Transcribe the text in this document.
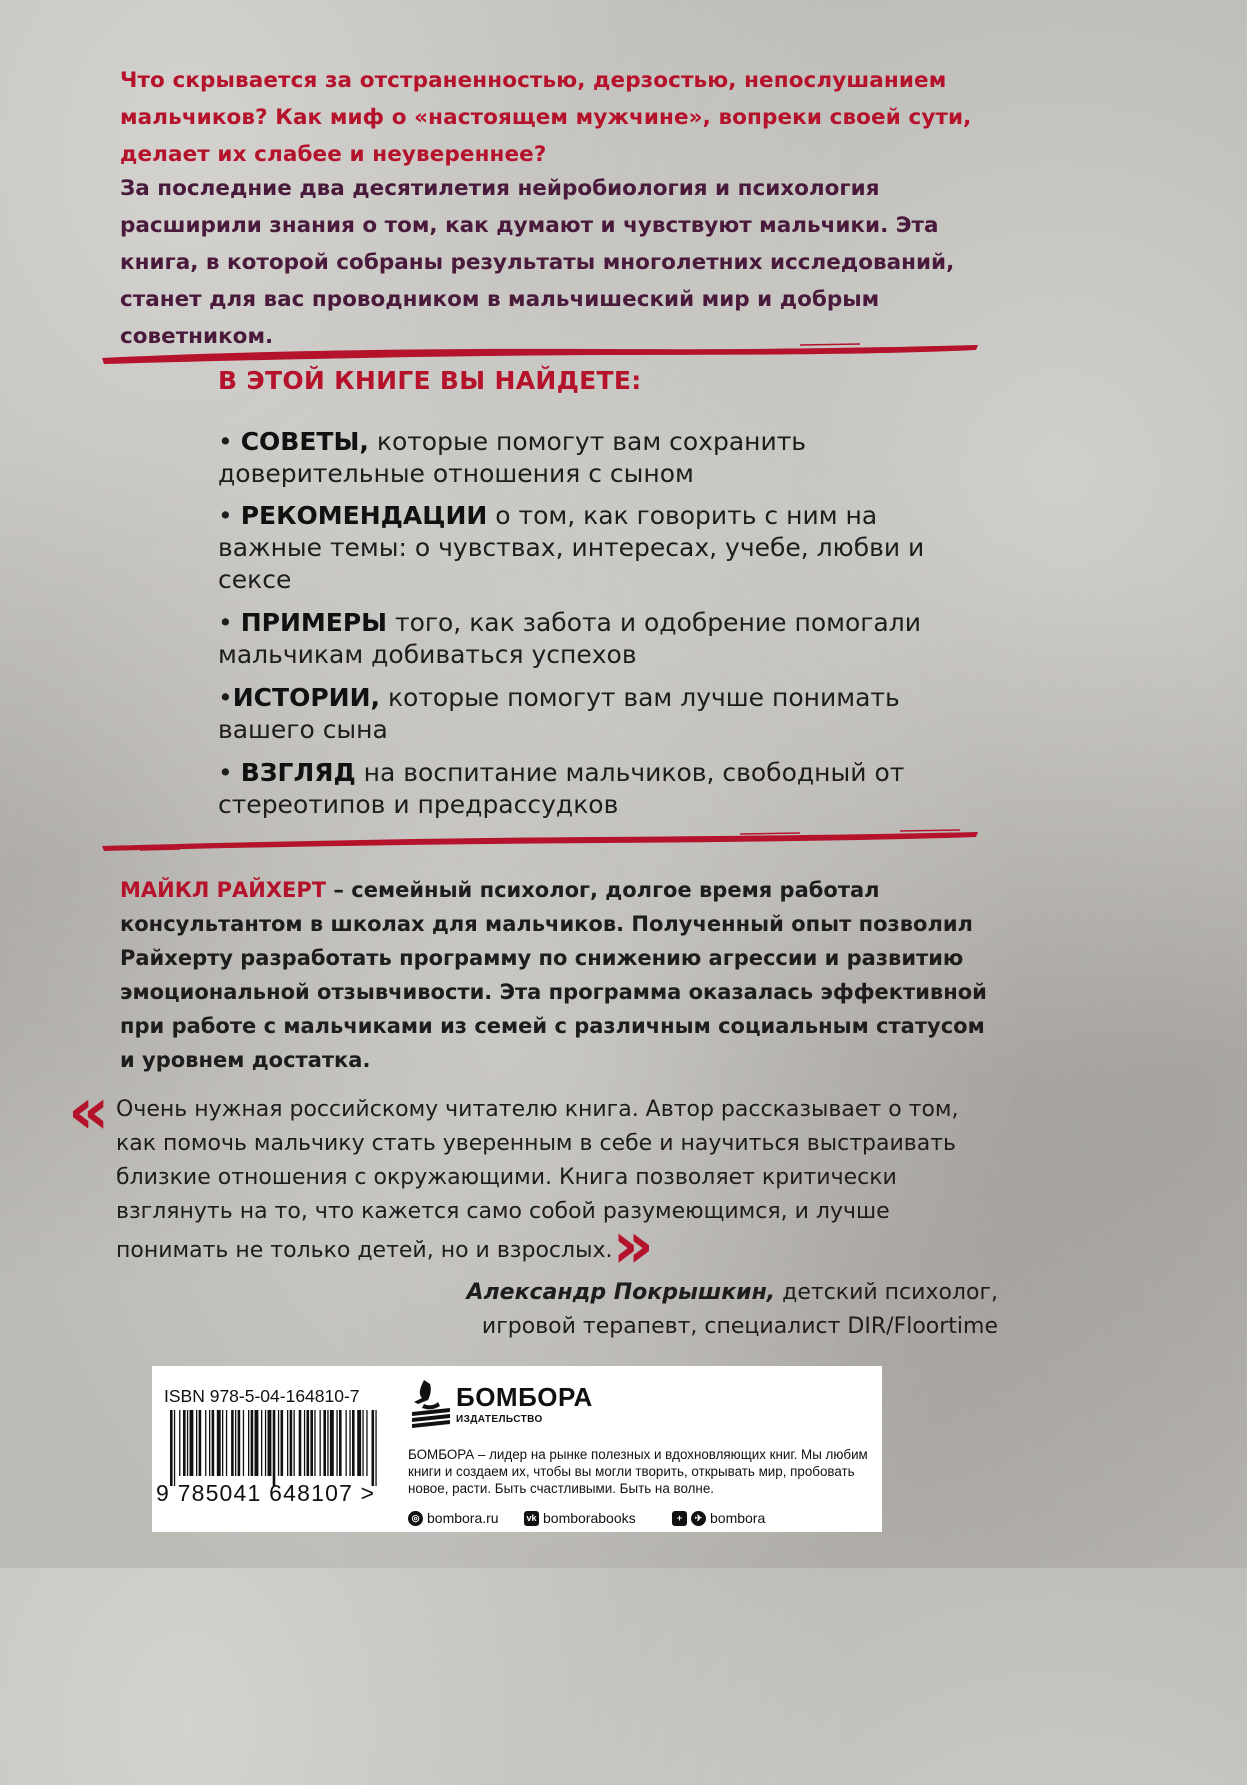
Что скрывается за отстраненностью, дерзостью, непослушанием мальчиков? Как миф о «настоящем мужчине», вопреки своей сути, делает их слабее и неувереннее?
За последние два десятилетия нейробиология и психология расширили знания о том, как думают и чувствуют мальчики. Эта книга, в которой собраны результаты многолетних исследований, станет для вас проводником в мальчишеский мир и добрым советником.
В ЭТОЙ КНИГЕ ВЫ НАЙДЕТЕ:
• СОВЕТЫ, которые помогут вам сохранить доверительные отношения с сыном
• РЕКОМЕНДАЦИИ о том, как говорить с ним на важные темы: о чувствах, интересах, учебе, любви и сексе
• ПРИМЕРЫ того, как забота и одобрение помогали мальчикам добиваться успехов
•ИСТОРИИ, которые помогут вам лучше понимать вашего сына
• ВЗГЛЯД на воспитание мальчиков, свободный от стереотипов и предрассудков
МАЙКЛ РАЙХЕРТ – семейный психолог, долгое время работал консультантом в школах для мальчиков. Полученный опыт позволил Райхерту разработать программу по снижению агрессии и развитию эмоциональной отзывчивости. Эта программа оказалась эффективной при работе с мальчиками из семей с различным социальным статусом и уровнем достатка.
« Очень нужная российскому читателю книга. Автор рассказывает о том, как помочь мальчику стать уверенным в себе и научиться выстраивать близкие отношения с окружающими. Книга позволяет критически взглянуть на то, что кажется само собой разумеющимся, и лучше понимать не только детей, но и взрослых.»
Александр Покрышкин, детский психолог,
игровой терапевт, специалист DIR/Floortime
ISBN 978-5-04-164810-7
9 785041 648107 >
БОМБОРА
ИЗДАТЕЛЬСТВО
БОМБОРА – лидер на рынке полезных и вдохновляющих книг. Мы любим книги и создаем их, чтобы вы могли творить, открывать мир, пробовать новое, расти. Быть счастливыми. Быть на волне.
◎ bombora.ru	vk bomborabooks	+	✈ bombora
